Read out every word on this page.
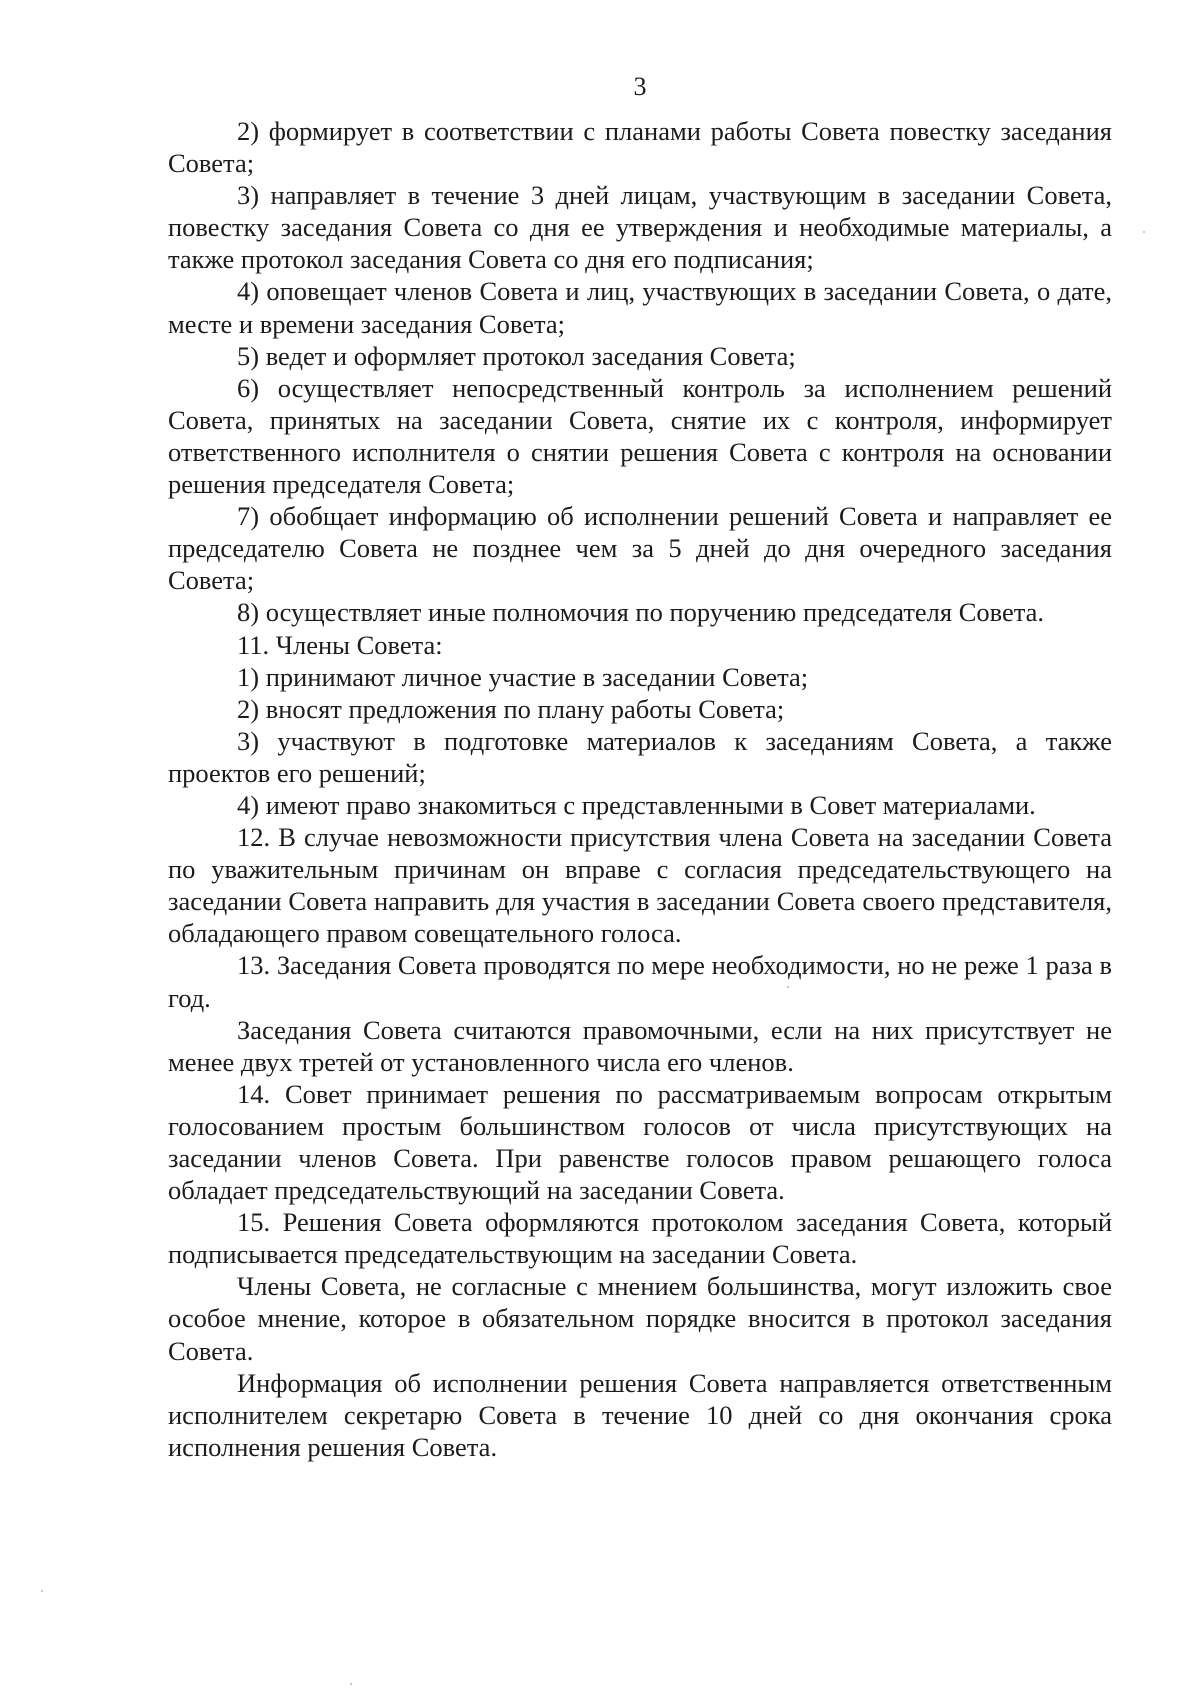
3

2) формирует в соответствии с планами работы Совета повестку заседания Совета;

3) направляет в течение 3 дней лицам, участвующим в заседании Совета, повестку заседания Совета со дня ее утверждения и необходимые материалы, а также протокол заседания Совета со дня его подписания;

4) оповещает членов Совета и лиц, участвующих в заседании Совета, о дате, месте и времени заседания Совета;

5) ведет и оформляет протокол заседания Совета;

6) осуществляет непосредственный контроль за исполнением решений Совета, принятых на заседании Совета, снятие их с контроля, информирует ответственного исполнителя о снятии решения Совета с контроля на основании решения председателя Совета;

7) обобщает информацию об исполнении решений Совета и направляет ее председателю Совета не позднее чем за 5 дней до дня очередного заседания Совета;

8) осуществляет иные полномочия по поручению председателя Совета.

11. Члены Совета:

1) принимают личное участие в заседании Совета;

2) вносят предложения по плану работы Совета;

3) участвуют в подготовке материалов к заседаниям Совета, а также проектов его решений;

4) имеют право знакомиться с представленными в Совет материалами.

12. В случае невозможности присутствия члена Совета на заседании Совета по уважительным причинам он вправе с согласия председательствующего на заседании Совета направить для участия в заседании Совета своего представителя, обладающего правом совещательного голоса.

13. Заседания Совета проводятся по мере необходимости, но не реже 1 раза в год.

Заседания Совета считаются правомочными, если на них присутствует не менее двух третей от установленного числа его членов.

14. Совет принимает решения по рассматриваемым вопросам открытым голосованием простым большинством голосов от числа присутствующих на заседании членов Совета. При равенстве голосов правом решающего голоса обладает председательствующий на заседании Совета.

15. Решения Совета оформляются протоколом заседания Совета, который подписывается председательствующим на заседании Совета.

Члены Совета, не согласные с мнением большинства, могут изложить свое особое мнение, которое в обязательном порядке вносится в протокол заседания Совета.

Информация об исполнении решения Совета направляется ответственным исполнителем секретарю Совета в течение 10 дней со дня окончания срока исполнения решения Совета.
